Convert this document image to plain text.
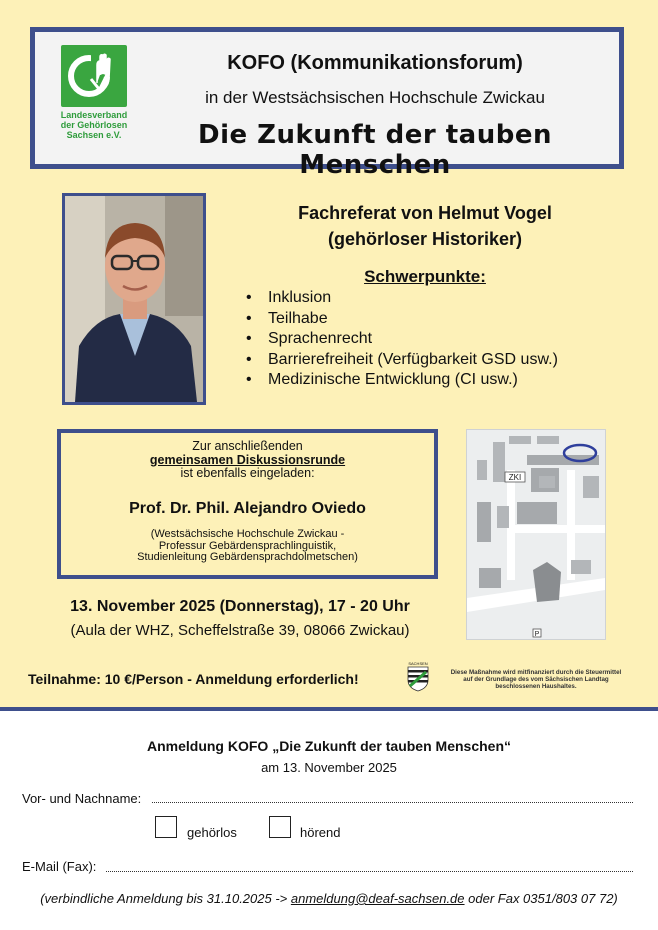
Landesverband
der Gehörlosen
Sachsen e.V.
KOFO (Kommunikationsforum)
in der Westsächsischen Hochschule Zwickau
Die Zukunft der tauben Menschen
Fachreferat von Helmut Vogel
(gehörloser Historiker)
Schwerpunkte:
• Inklusion
• Teilhabe
• Sprachenrecht
• Barrierefreiheit (Verfügbarkeit GSD usw.)
• Medizinische Entwicklung (CI usw.)
Zur anschließenden
gemeinsamen Diskussionsrunde
ist ebenfalls eingeladen:
Prof. Dr. Phil. Alejandro Oviedo
(Westsächsische Hochschule Zwickau -
Professur Gebärdensprachlinguistik,
Studienleitung Gebärdensprachdolmetschen)
ZKI
P
13. November 2025 (Donnerstag), 17 - 20 Uhr
(Aula der WHZ, Scheffelstraße 39, 08066 Zwickau)
Teilnahme: 10 €/Person - Anmeldung erforderlich!
SACHSEN
Diese Maßnahme wird mitfinanziert durch die Steuermittel
auf der Grundlage des vom Sächsischen Landtag
beschlossenen Haushaltes.
Anmeldung KOFO „Die Zukunft der tauben Menschen“
am 13. November 2025
Vor- und Nachname:
gehörlos	hörend
E-Mail (Fax):
(verbindliche Anmeldung bis 31.10.2025 -> anmeldung@deaf-sachsen.de oder Fax 0351/803 07 72)
